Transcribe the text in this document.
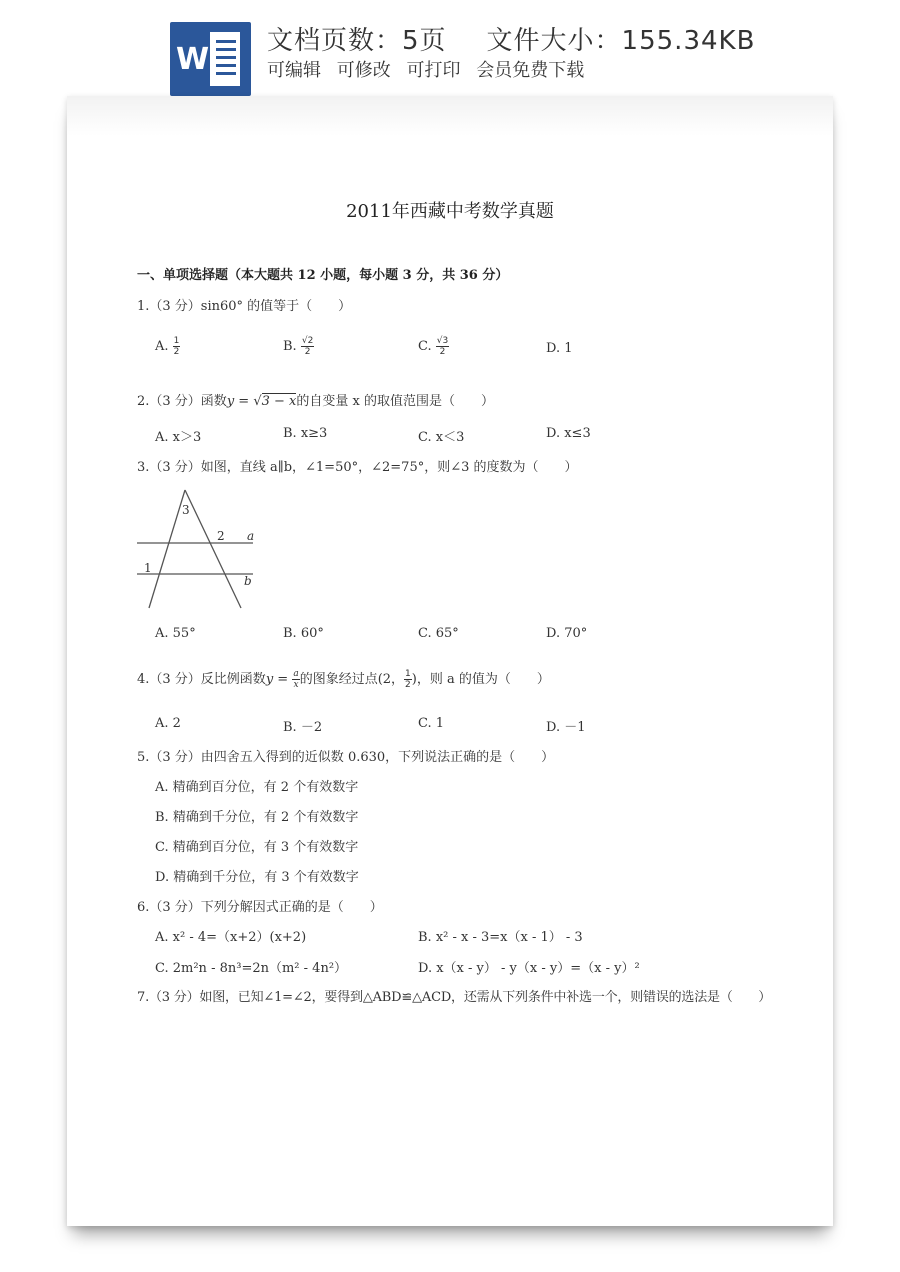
W
文档页数：5页 文件大小：155.34KB
可编辑 可修改 可打印 会员免费下载
2011年西藏中考数学真题
一、单项选择题（本大题共 12 小题，每小题 3 分，共 36 分）
1.（3 分）sin60° 的值等于（　　）
A. $\frac{1}{2}$	B. $\frac{√2}{2}$	C. $\frac{√3}{2}$	D. 1
2.（3 分）函数y = √3 − x的自变量 x 的取值范围是（　　）
A. x＞3	B. x≥3	C. x＜3	D. x≤3
3.（3 分）如图，直线 a∥b，∠1=50°，∠2=75°，则∠3 的度数为（　　）
3
2 a
1
b
A. 55°	B. 60°	C. 65°	D. 70°
4.（3 分）反比例函数$y = \frac{a}{x}$ 的图象经过点(2， $\frac{1}{2}$ )，则 a 的值为（　　）
A. 2	B. －2	C. 1	D. －1
5.（3 分）由四舍五入得到的近似数 0.630，下列说法正确的是（　　）
A. 精确到百分位，有 2 个有效数字
B. 精确到千分位，有 2 个有效数字
C. 精确到百分位，有 3 个有效数字
D. 精确到千分位，有 3 个有效数字
6.（3 分）下列分解因式正确的是（　　）
A. x² - 4=（x+2）(x+2)	B. x² - x - 3=x（x - 1） - 3
C. 2m²n - 8n³=2n（m² - 4n²）	D. x（x - y） - y（x - y）=（x - y）²
7.（3 分）如图，已知∠1=∠2，要得到△ABD≌△ACD，还需从下列条件中补选一个，则错误的选法是（　　）
